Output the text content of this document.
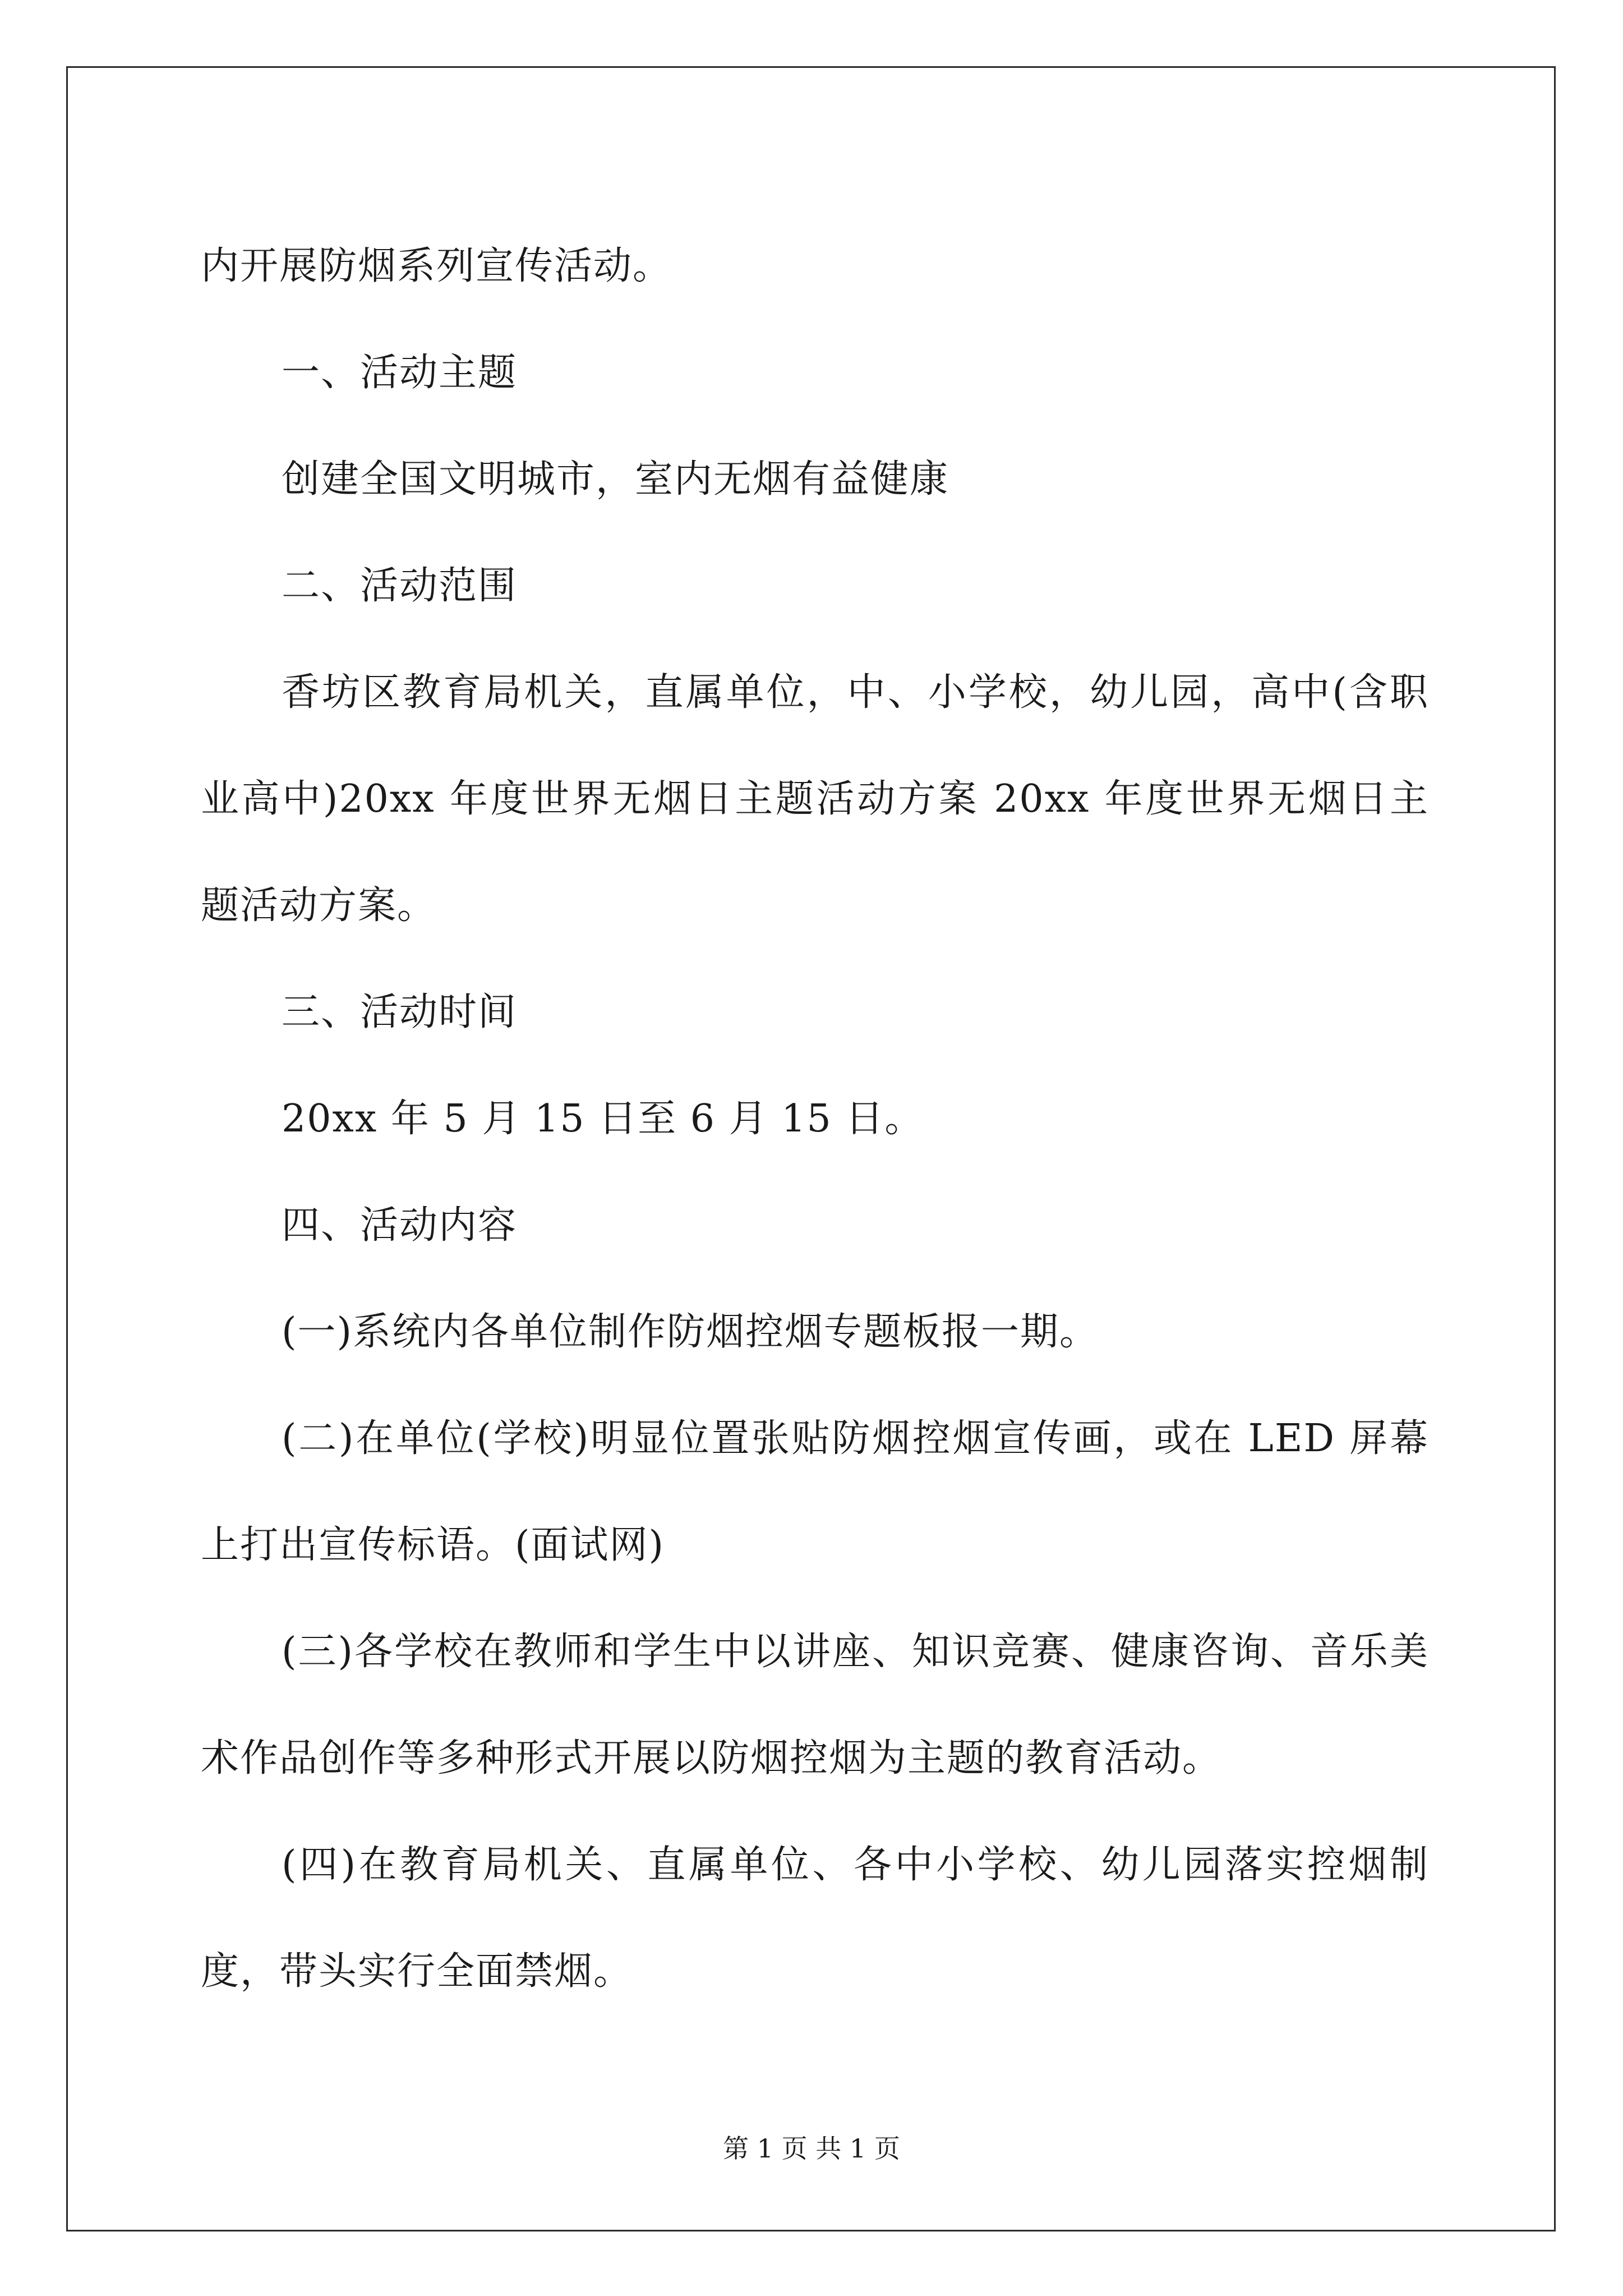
内开展防烟系列宣传活动。

一、活动主题

创建全国文明城市，室内无烟有益健康

二、活动范围

香坊区教育局机关，直属单位，中、小学校，幼儿园，高中(含职业高中)20xx 年度世界无烟日主题活动方案 20xx 年度世界无烟日主题活动方案。

三、活动时间

20xx 年 5 月 15 日至 6 月 15 日。

四、活动内容

(一)系统内各单位制作防烟控烟专题板报一期。

(二)在单位(学校)明显位置张贴防烟控烟宣传画，或在 LED 屏幕上打出宣传标语。(面试网)

(三)各学校在教师和学生中以讲座、知识竞赛、健康咨询、音乐美术作品创作等多种形式开展以防烟控烟为主题的教育活动。

(四)在教育局机关、直属单位、各中小学校、幼儿园落实控烟制度，带头实行全面禁烟。

第 1 页 共 1 页
